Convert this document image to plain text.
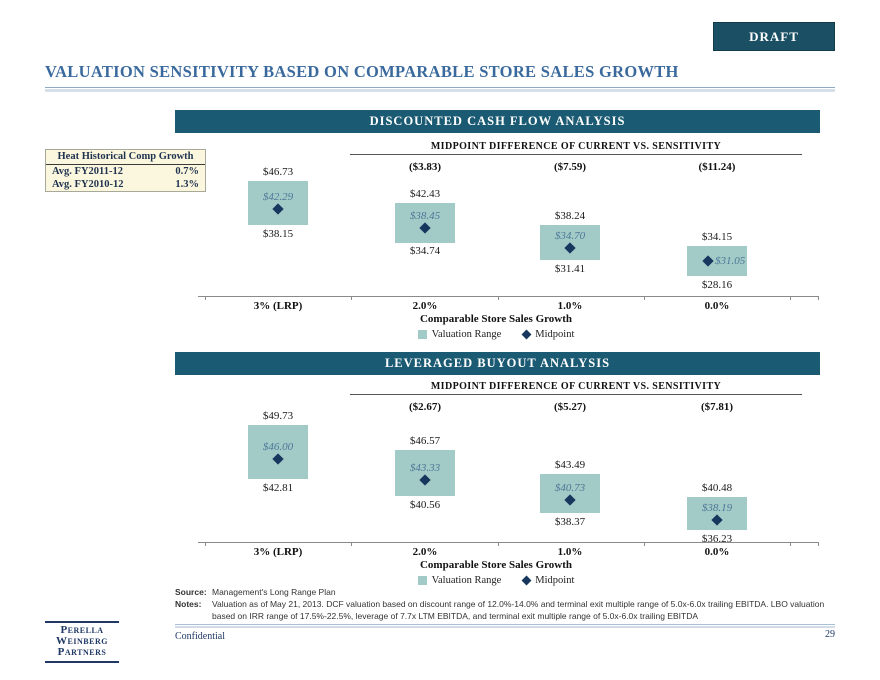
DRAFT
VALUATION SENSITIVITY BASED ON COMPARABLE STORE SALES GROWTH
Heat Historical Comp Growth
Avg. FY2011-12	0.7%
Avg. FY2010-12	1.3%
DISCOUNTED CASH FLOW ANALYSIS
MIDPOINT DIFFERENCE OF CURRENT VS. SENSITIVITY
Comparable Store Sales Growth
Valuation Range	Midpoint
$46.73
$38.15
$42.29
3% (LRP)
$42.43
$34.74
$38.45
($3.83)
2.0%
$38.24
$31.41
$34.70
($7.59)
1.0%
$34.15
$28.16
$31.05
($11.24)
0.0%
LEVERAGED BUYOUT ANALYSIS
MIDPOINT DIFFERENCE OF CURRENT VS. SENSITIVITY
Comparable Store Sales Growth
Valuation Range	Midpoint
$49.73
$42.81
$46.00
3% (LRP)
$46.57
$40.56
$43.33
($2.67)
2.0%
$43.49
$38.37
$40.73
($5.27)
1.0%
$40.48
$36.23
$38.19
($7.81)
0.0%
Source: Management's Long Range Plan
Notes:	Valuation as of May 21, 2013. DCF valuation based on discount range of 12.0%-14.0% and terminal exit multiple range of 5.0x-6.0x trailing EBITDA. LBO valuation
based on IRR range of 17.5%-22.5%, leverage of 7.7x LTM EBITDA, and terminal exit multiple range of 5.0x-6.0x trailing EBITDA
Perella
Weinberg
Partners
Confidential	29
